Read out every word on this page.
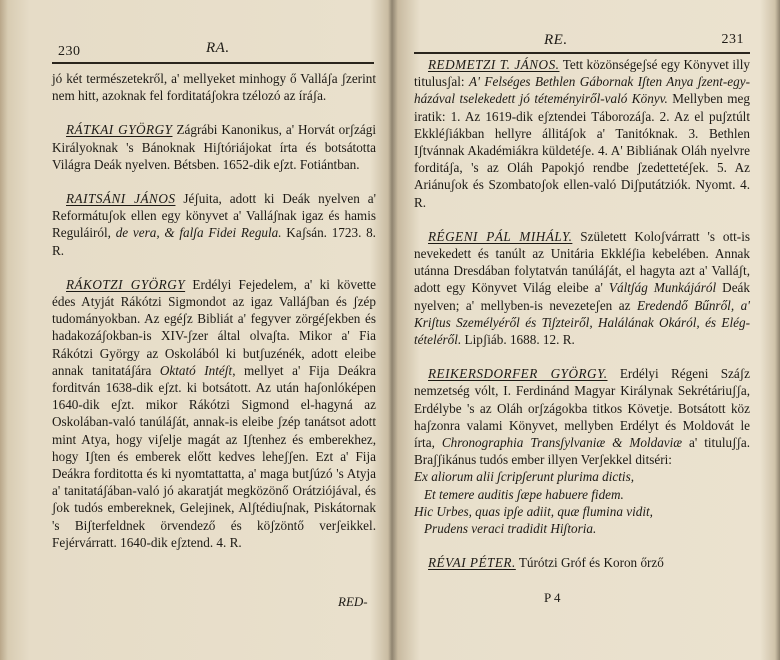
230	RA.

jó két természetekről, a' mellyeket minhogy ő Valláʃa ʃzerint nem hitt, azoknak fel forditatáʃokra tzélozó az íráʃa.

RÁTKAI GYÖRGY Zágrábi Kanonikus, a' Horvát orʃzági Királyoknak 's Bánoknak Hiʃtóriájokat írta és botsátotta Világra Deák nyelven. Bétsben. 1652-dik eʃzt. Fotiántban.

RAITSÁNI JÁNOS Jéʃuita, adott ki Deák nyelven a' Reformátuʃok ellen egy könyvet a' Valláʃnak igaz és hamis Reguláiról, de vera, & falʃa Fidei Regula. Kaʃsán. 1723. 8. R.

RÁKOTZI GYÖRGY Erdélyi Fejedelem, a' ki követte édes Atyját Rákótzi Sigmondot az igaz Valláʃban és ʃzép tudományokban. Az egéʃz Bibliát a' fegyver zörgéʃekben és hadakozáʃokban-is XIV-ʃzer által olvaʃta. Mikor a' Fia Rákótzi György az Oskolából ki butʃuzénék, adott eleibe annak tanitatáʃára Oktató Intéʃt, mellyet a' Fija Deákra forditván 1638-dik eʃzt. ki botsátott. Az után haʃonlóképen 1640-dik eʃzt. mikor Rákótzi Sigmond el-hagyná az Oskolában-való tanúláʃát, annak-is eleibe ʃzép tanátsot adott mint Atya, hogy viʃelje magát az Iʃtenhez és emberekhez, hogy Iʃten és emberek előtt kedves leheʃʃen. Ezt a' Fija Deákra forditotta és ki nyomtattatta, a' maga butʃúzó 's Atyja a' tanitatáʃában-való jó akaratját megközönő Orátziójával, és ʃok tudós embereknek, Gelejinek, Alʃtédiuʃnak, Piskátornak 's Biʃterfeldnek örvendező és köʃzöntő verʃeikkel. Fejérvárratt. 1640-dik eʃztend. 4. R.

RED-
RE.	231

REDMETZI T. JÁNOS. Tett közönségeʃsé egy Könyvet illy titulusʃal: A' Felséges Bethlen Gábornak Iʃten Anya ʃzent-egy-házával tselekedett jó téteményiről-való Könyv. Mellyben meg iratik: 1. Az 1619-dik eʃztendei Táborozáʃa. 2. Az el puʃztúlt Ekkléʃiákban hellyre állitáʃok a' Tanitóknak. 3. Bethlen Iʃtvánnak Akadémiákra küldetéʃe. 4. A' Bibliának Oláh nyelvre forditáʃa, 's az Oláh Papokjó rendbe ʃzedettetéʃek. 5. Az Ariánuʃok és Szombatoʃok ellen-való Diʃputátziók. Nyomt. 4. R.

RÉGENI PÁL MIHÁLY. Született Koloʃvárratt 's ott-is nevekedett és tanúlt az Unitária Ekkléʃia kebelében. Annak utánna Dresdában folytatván tanúláʃát, el hagyta azt a' Valláʃt, adott egy Könyvet Világ eleibe a' Váltʃág Munkájáról Deák nyelven; a' mellyben-is nevezeteʃen az Eredendő Bűnről, a' Kriʃtus Személyéről és Tiʃzteiről, Halálának Okáról, és Elég-tételéről. Lipʃiáb. 1688. 12. R.

REIKERSDORFER GYÖRGY. Erdélyi Régeni Száʃz nemzetség vólt, I. Ferdinánd Magyar Királynak Sekrétáriuʃʃa, Erdélybe 's az Oláh orʃzágokba titkos Követje. Botsátott köz haʃzonra valami Könyvet, mellyben Erdélyt és Moldovát le írta, Chronographia Transʃylvaniæ & Moldaviæ a' tituluʃʃa. Braʃʃikánus tudós ember illyen Verʃekkel ditséri:

Ex aliorum alii ʃcripʃerunt plurima dictis,

Et temere auditis ʃæpe habuere fidem.

Hic Urbes, quas ipʃe adiit, quæ flumina vidit,

Prudens veraci tradidit Hiʃtoria.

RÉVAI PÉTER. Túrótzi Gróf és Koron őrző

P 4
